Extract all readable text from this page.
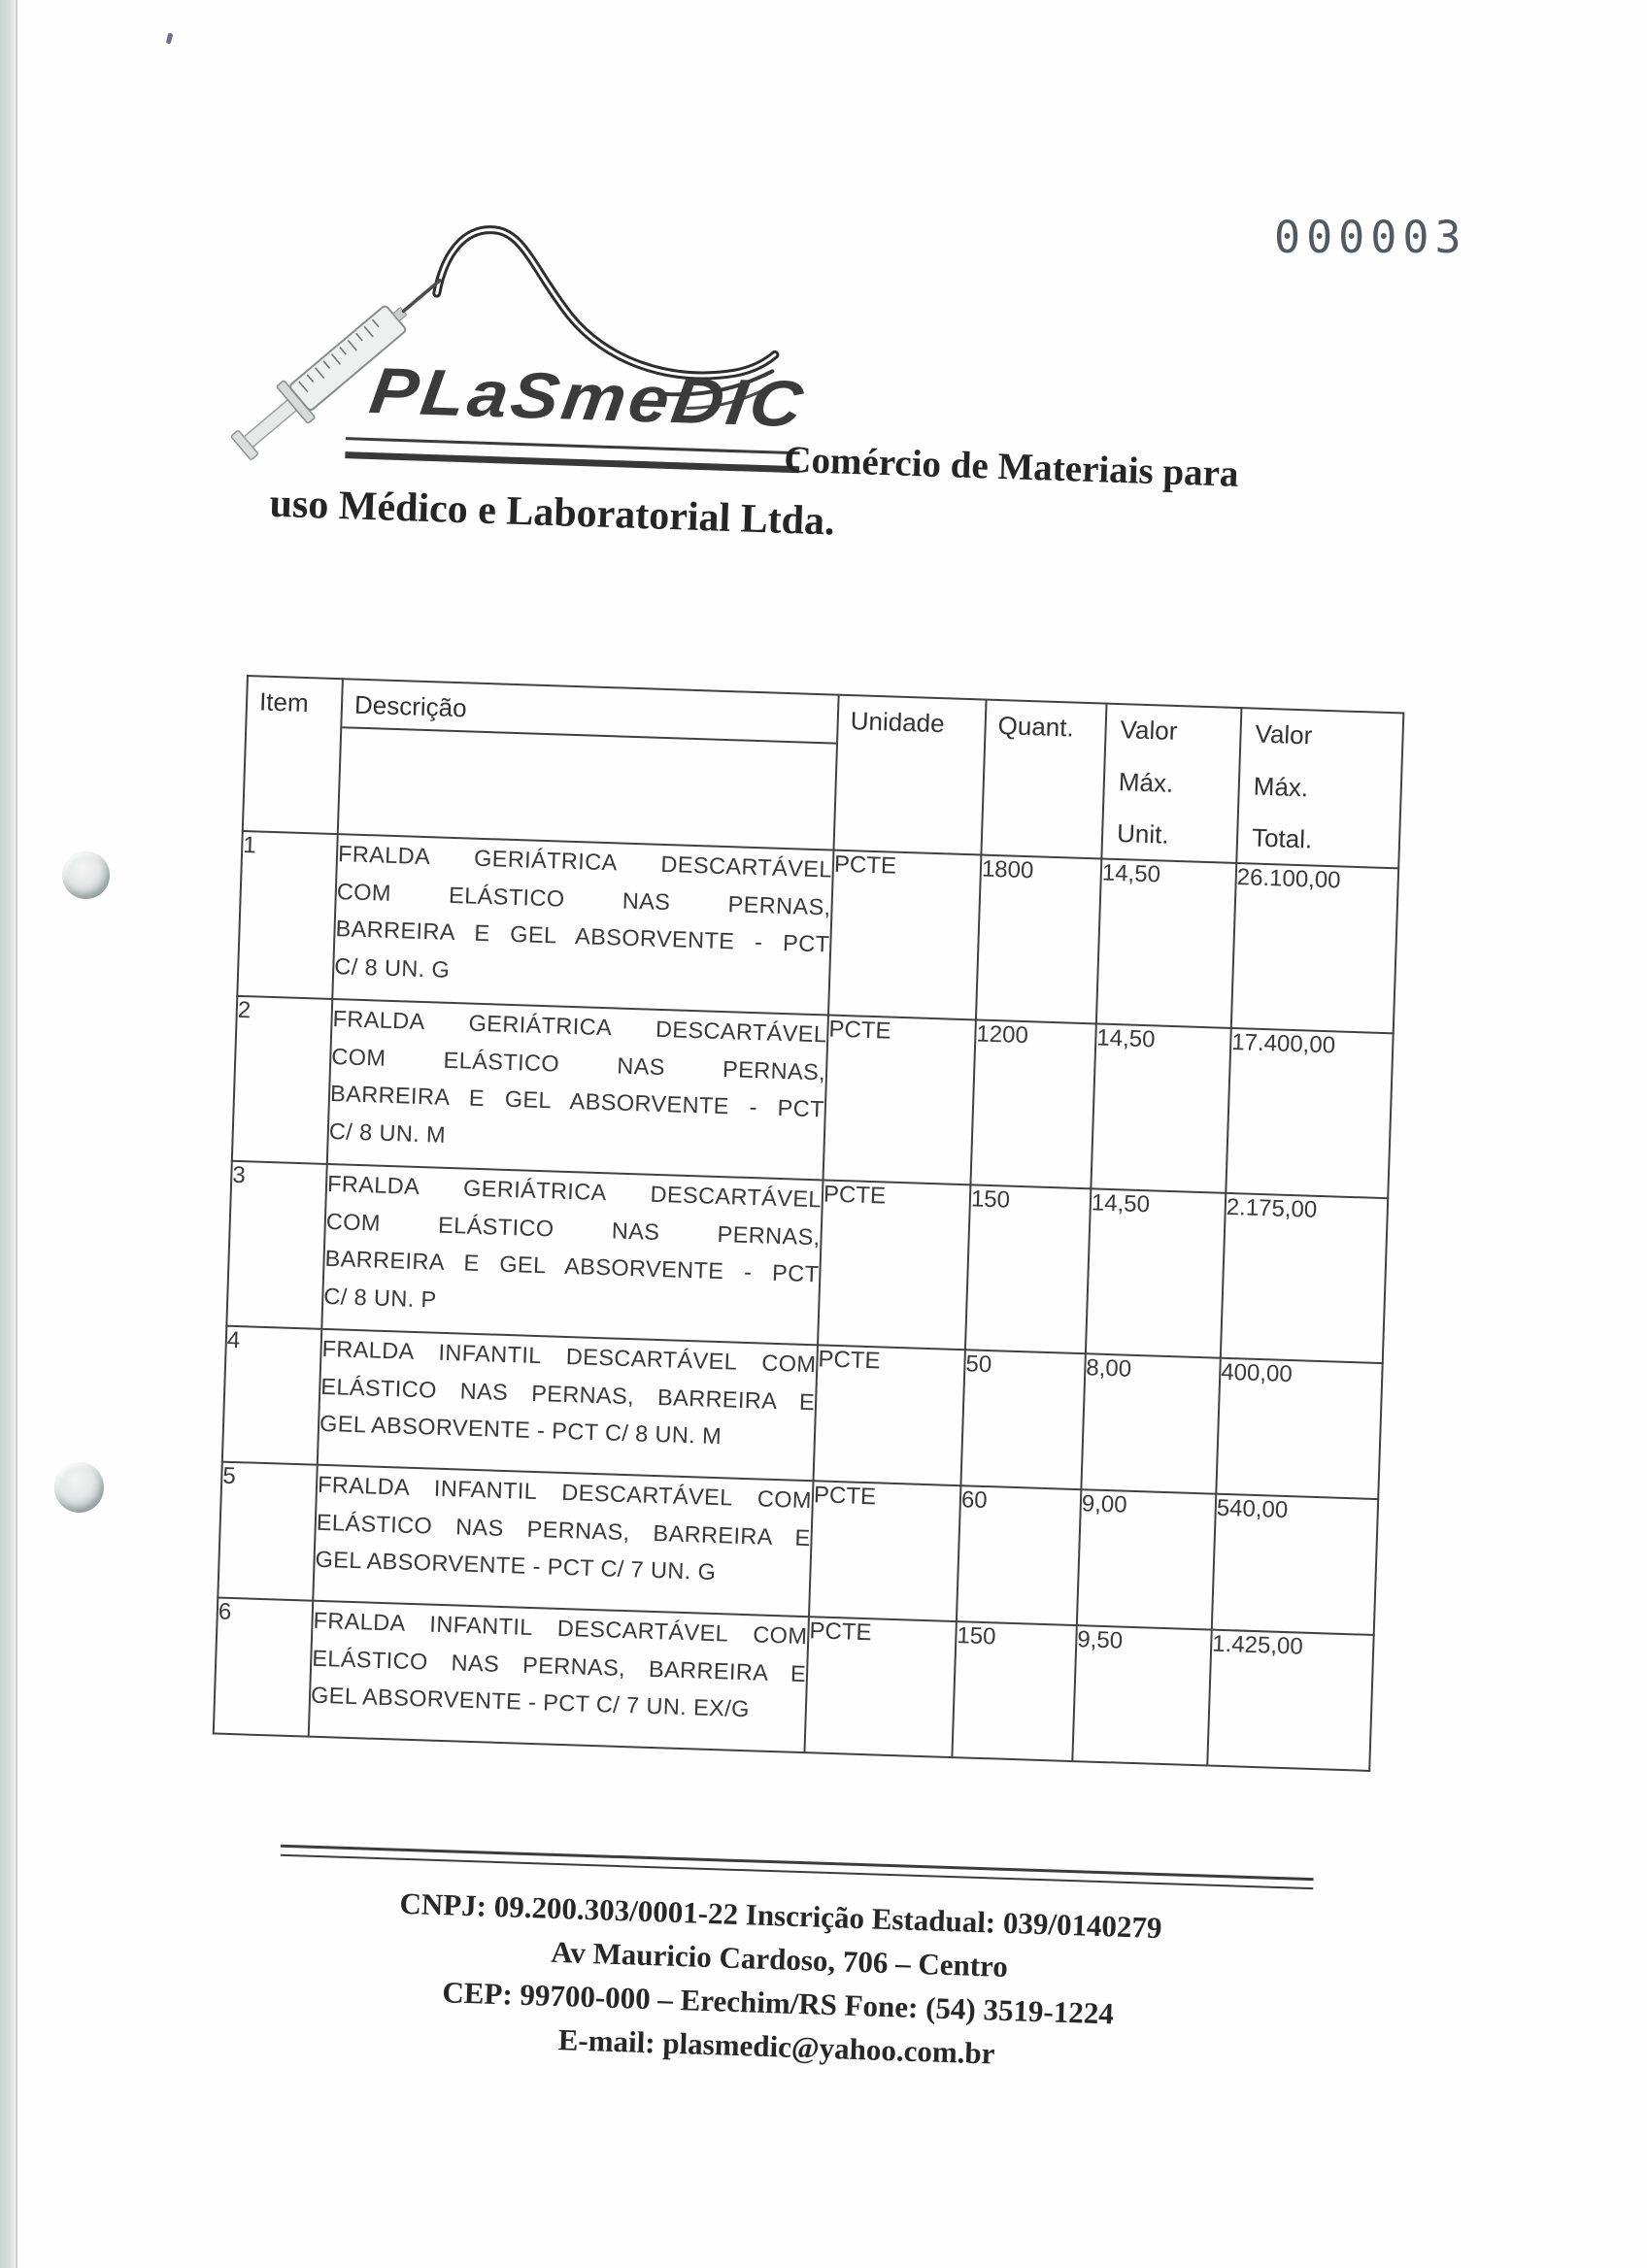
000003
PLaSmeDIC
Comércio de Materiais para
uso Médico e Laboratorial Ltda.
Item	Descrição	Unidade	Quant.	Valor
Máx.
Unit.	Valor
Máx.
Total.

1	FRALDA GERIÁTRICA DESCARTÁVEL
COM ELÁSTICO NAS PERNAS,
BARREIRA E GEL ABSORVENTE - PCT
C/ 8 UN. G	PCTE	1800	14,50	26.100,00
2	FRALDA GERIÁTRICA DESCARTÁVEL
COM ELÁSTICO NAS PERNAS,
BARREIRA E GEL ABSORVENTE - PCT
C/ 8 UN. M	PCTE	1200	14,50	17.400,00
3	FRALDA GERIÁTRICA DESCARTÁVEL
COM ELÁSTICO NAS PERNAS,
BARREIRA E GEL ABSORVENTE - PCT
C/ 8 UN. P	PCTE	150	14,50	2.175,00
4	FRALDA INFANTIL DESCARTÁVEL COM
ELÁSTICO NAS PERNAS, BARREIRA E
GEL ABSORVENTE - PCT C/ 8 UN. M	PCTE	50	8,00	400,00
5	FRALDA INFANTIL DESCARTÁVEL COM
ELÁSTICO NAS PERNAS, BARREIRA E
GEL ABSORVENTE - PCT C/ 7 UN. G	PCTE	60	9,00	540,00
6	FRALDA INFANTIL DESCARTÁVEL COM
ELÁSTICO NAS PERNAS, BARREIRA E
GEL ABSORVENTE - PCT C/ 7 UN. EX/G	PCTE	150	9,50	1.425,00
CNPJ: 09.200.303/0001-22 Inscrição Estadual: 039/0140279
Av Mauricio Cardoso, 706 – Centro
CEP: 99700-000 – Erechim/RS Fone: (54) 3519-1224
E-mail: plasmedic@yahoo.com.br
